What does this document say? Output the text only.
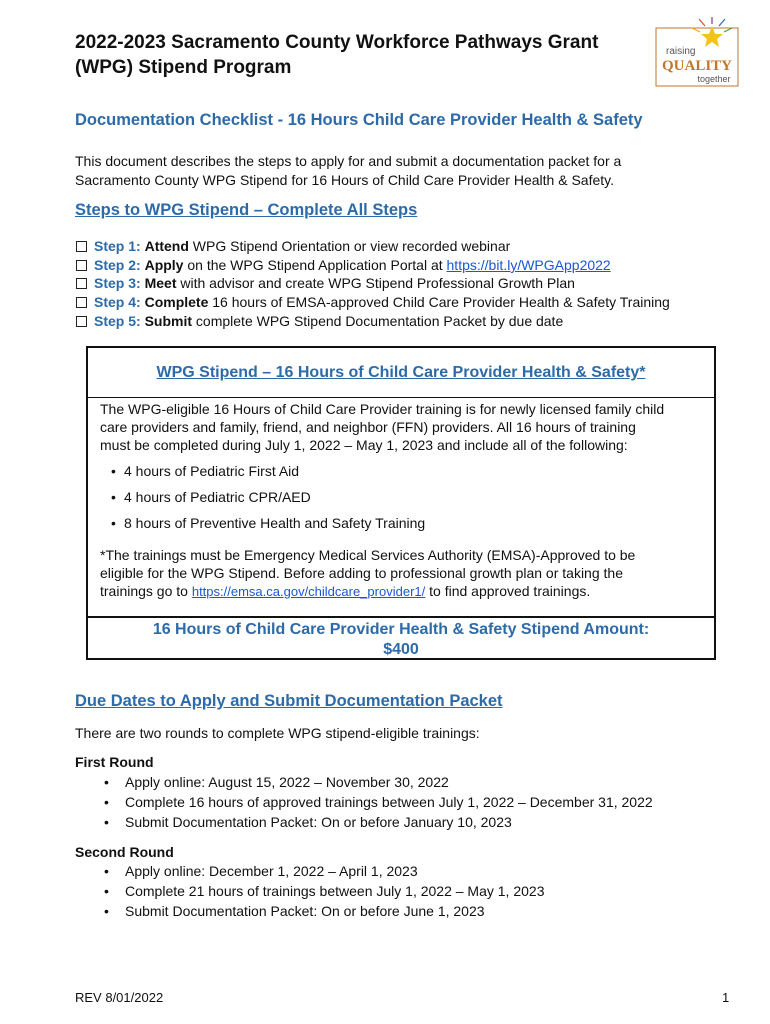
2022-2023 Sacramento County Workforce Pathways Grant
(WPG) Stipend Program
raising
QUALITY
together
Documentation Checklist - 16 Hours Child Care Provider Health & Safety
This document describes the steps to apply for and submit a documentation packet for a
Sacramento County WPG Stipend for 16 Hours of Child Care Provider Health & Safety.
Steps to WPG Stipend – Complete All Steps
Step 1: Attend WPG Stipend Orientation or view recorded webinar
Step 2: Apply on the WPG Stipend Application Portal at https://bit.ly/WPGApp2022
Step 3: Meet with advisor and create WPG Stipend Professional Growth Plan
Step 4: Complete 16 hours of EMSA-approved Child Care Provider Health & Safety Training
Step 5: Submit complete WPG Stipend Documentation Packet by due date
WPG Stipend – 16 Hours of Child Care Provider Health & Safety*
The WPG-eligible 16 Hours of Child Care Provider training is for newly licensed family child
care providers and family, friend, and neighbor (FFN) providers. All 16 hours of training
must be completed during July 1, 2022 – May 1, 2023 and include all of the following:
• 4 hours of Pediatric First Aid
• 4 hours of Pediatric CPR/AED
• 8 hours of Preventive Health and Safety Training
*The trainings must be Emergency Medical Services Authority (EMSA)-Approved to be
eligible for the WPG Stipend. Before adding to professional growth plan or taking the
trainings go to https://emsa.ca.gov/childcare_provider1/ to find approved trainings.
16 Hours of Child Care Provider Health & Safety Stipend Amount:
$400
Due Dates to Apply and Submit Documentation Packet
There are two rounds to complete WPG stipend-eligible trainings:
First Round
• Apply online: August 15, 2022 – November 30, 2022
• Complete 16 hours of approved trainings between July 1, 2022 – December 31, 2022
• Submit Documentation Packet: On or before January 10, 2023
Second Round
• Apply online: December 1, 2022 – April 1, 2023
• Complete 21 hours of trainings between July 1, 2022 – May 1, 2023
• Submit Documentation Packet: On or before June 1, 2023
REV 8/01/2022	1
